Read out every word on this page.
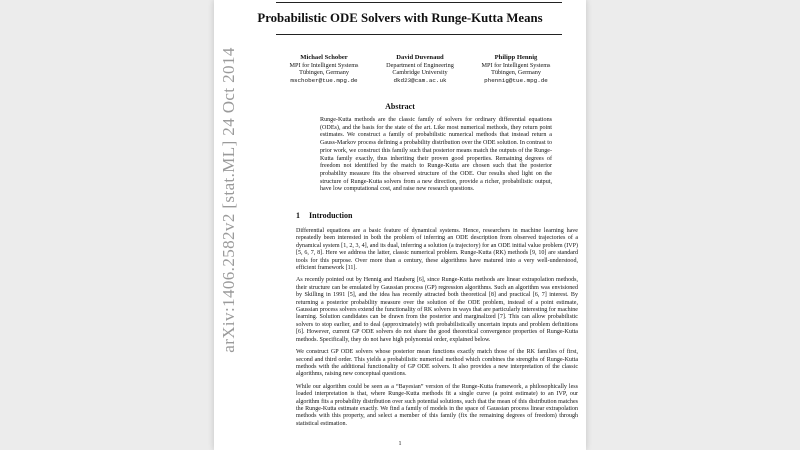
Probabilistic ODE Solvers with Runge-Kutta Means
Michael Schober
MPI for Intelligent Systems
Tübingen, Germany
mschober@tue.mpg.de
David Duvenaud
Department of Engineering
Cambridge University
dkd23@cam.ac.uk
Philipp Hennig
MPI for Intelligent Systems
Tübingen, Germany
phennig@tue.mpg.de
Abstract

Runge-Kutta methods are the classic family of solvers for ordinary differential equations (ODEs), and the basis for the state of the art. Like most numerical methods, they return point estimates. We construct a family of probabilistic numerical methods that instead return a Gauss-Markov process defining a probability distribution over the ODE solution. In contrast to prior work, we construct this family such that posterior means match the outputs of the Runge-Kutta family exactly, thus inheriting their proven good properties. Remaining degrees of freedom not identified by the match to Runge-Kutta are chosen such that the posterior probability measure fits the observed structure of the ODE. Our results shed light on the structure of Runge-Kutta solvers from a new direction, provide a richer, probabilistic output, have low computational cost, and raise new research questions.

1 Introduction

Differential equations are a basic feature of dynamical systems. Hence, researchers in machine learning have repeatedly been interested in both the problem of inferring an ODE description from observed trajectories of a dynamical system [1, 2, 3, 4], and its dual, inferring a solution (a trajectory) for an ODE initial value problem (IVP) [5, 6, 7, 8]. Here we address the latter, classic numerical problem. Runge-Kutta (RK) methods [9, 10] are standard tools for this purpose. Over more than a century, these algorithms have matured into a very well-understood, efficient framework [11].

As recently pointed out by Hennig and Hauberg [6], since Runge-Kutta methods are linear extrapolation methods, their structure can be emulated by Gaussian process (GP) regression algorithms. Such an algorithm was envisioned by Skilling in 1991 [5], and the idea has recently attracted both theoretical [8] and practical [6, 7] interest. By returning a posterior probability measure over the solution of the ODE problem, instead of a point estimate, Gaussian process solvers extend the functionality of RK solvers in ways that are particularly interesting for machine learning. Solution candidates can be drawn from the posterior and marginalized [7]. This can allow probabilistic solvers to stop earlier, and to deal (approximately) with probabilistically uncertain inputs and problem definitions [6]. However, current GP ODE solvers do not share the good theoretical convergence properties of Runge-Kutta methods. Specifically, they do not have high polynomial order, explained below.

We construct GP ODE solvers whose posterior mean functions exactly match those of the RK families of first, second and third order. This yields a probabilistic numerical method which combines the strengths of Runge-Kutta methods with the additional functionality of GP ODE solvers. It also provides a new interpretation of the classic algorithms, raising new conceptual questions.

While our algorithm could be seen as a “Bayesian” version of the Runge-Kutta framework, a philosophically less loaded interpretation is that, where Runge-Kutta methods fit a single curve (a point estimate) to an IVP, our algorithm fits a probability distribution over such potential solutions, such that the mean of this distribution matches the Runge-Kutta estimate exactly. We find a family of models in the space of Gaussian process linear extrapolation methods with this property, and select a member of this family (fix the remaining degrees of freedom) through statistical estimation.

1
arXiv:1406.2582v2 [stat.ML] 24 Oct 2014
